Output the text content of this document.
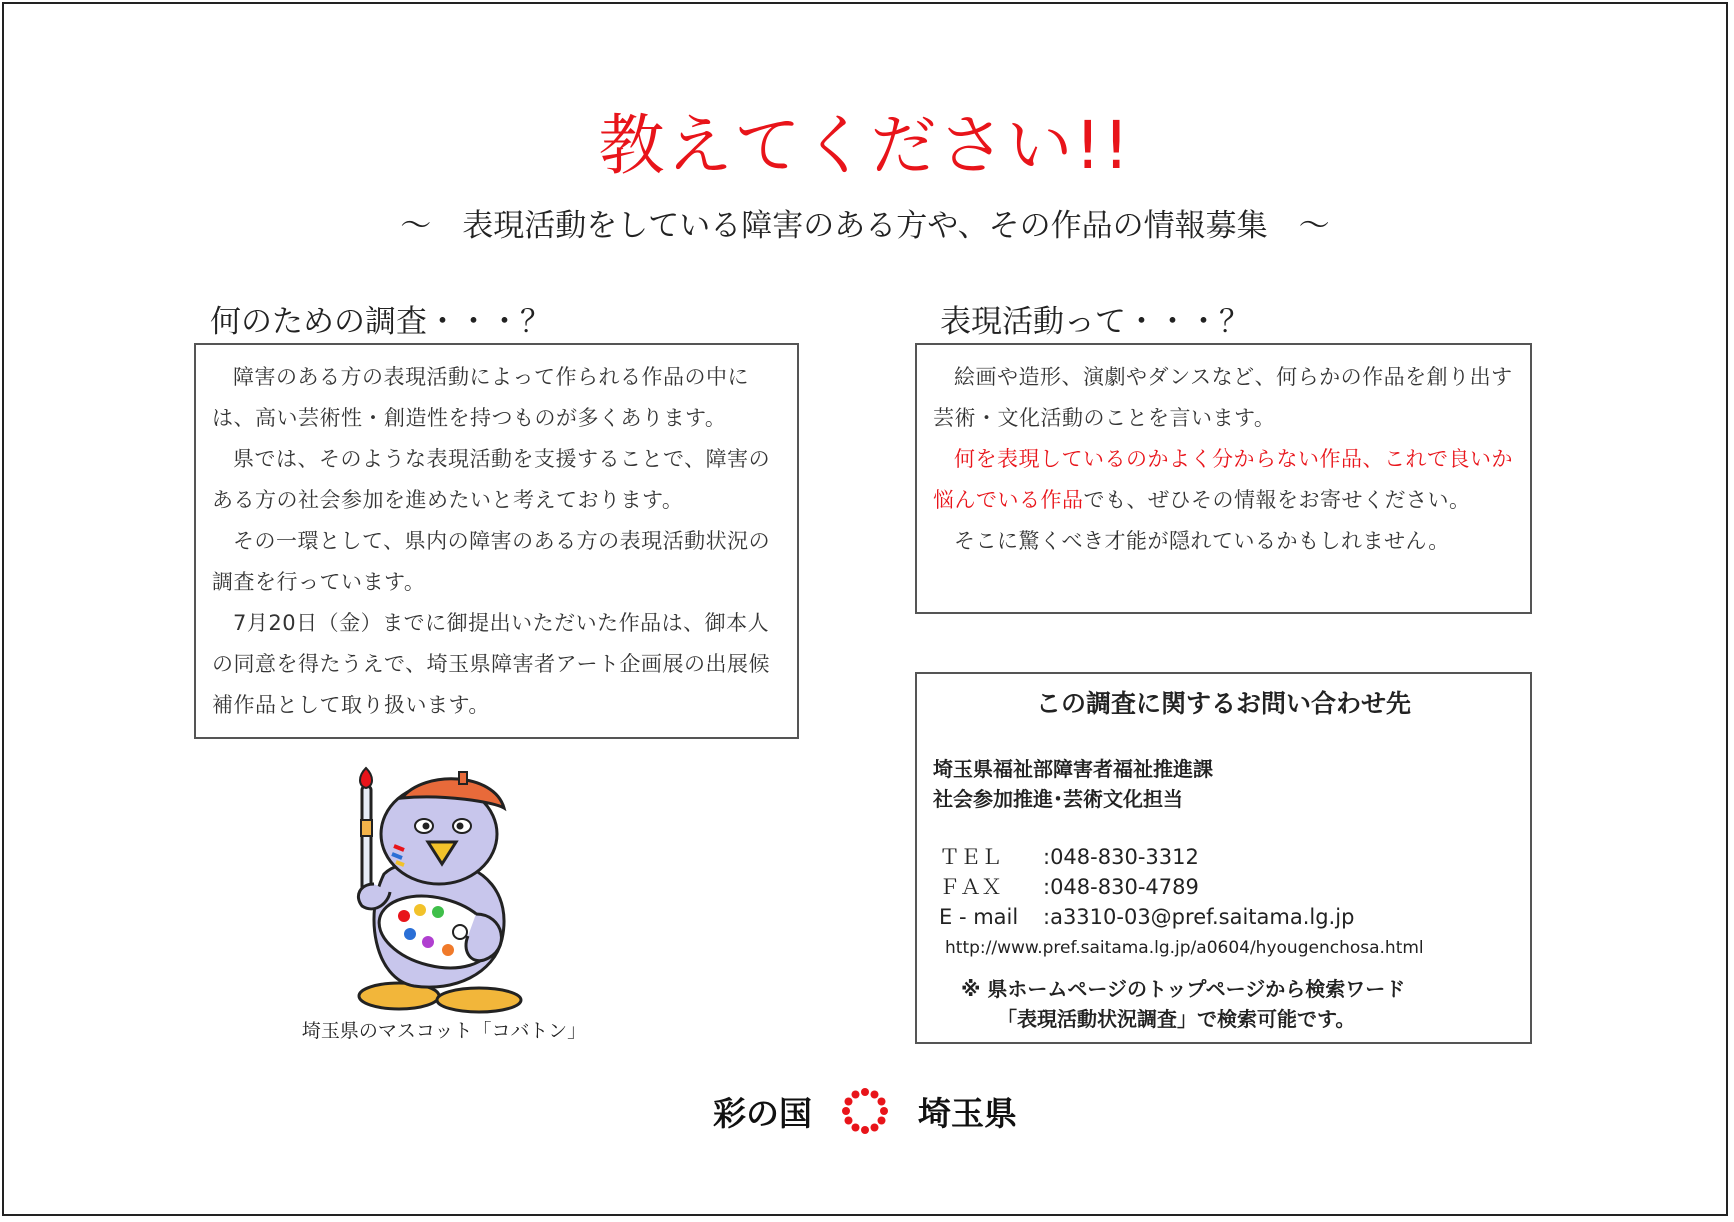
教えてください!!
～　表現活動をしている障害のある方や、その作品の情報募集　～
何のための調査・・・？

障害のある方の表現活動によって作られる作品の中には、高い芸術性・創造性を持つものが多くあります。

県では、そのような表現活動を支援することで、障害のある方の社会参加を進めたいと考えております。

その一環として、県内の障害のある方の表現活動状況の調査を行っています。

7月20日（金）までに御提出いただいた作品は、御本人の同意を得たうえで、埼玉県障害者アート企画展の出展候補作品として取り扱います。

表現活動って・・・？

絵画や造形、演劇やダンスなど、何らかの作品を創り出す芸術・文化活動のことを言います。

何を表現しているのかよく分からない作品、これで良いか悩んでいる作品でも、ぜひその情報をお寄せください。

そこに驚くべき才能が隠れているかもしれません。

この調査に関するお問い合わせ先
埼玉県福祉部障害者福祉推進課
社会参加推進･芸術文化担当
ＴＥＬ	:048-830-3312
ＦＡＸ	:048-830-4789
E - mail	:a3310-03@pref.saitama.lg.jp
http://www.pref.saitama.lg.jp/a0604/hyougenchosa.html
※ 県ホームページのトップページから検索ワード
「表現活動状況調査」で検索可能です。
埼玉県のマスコット「コバトン」
彩の国	埼玉県
